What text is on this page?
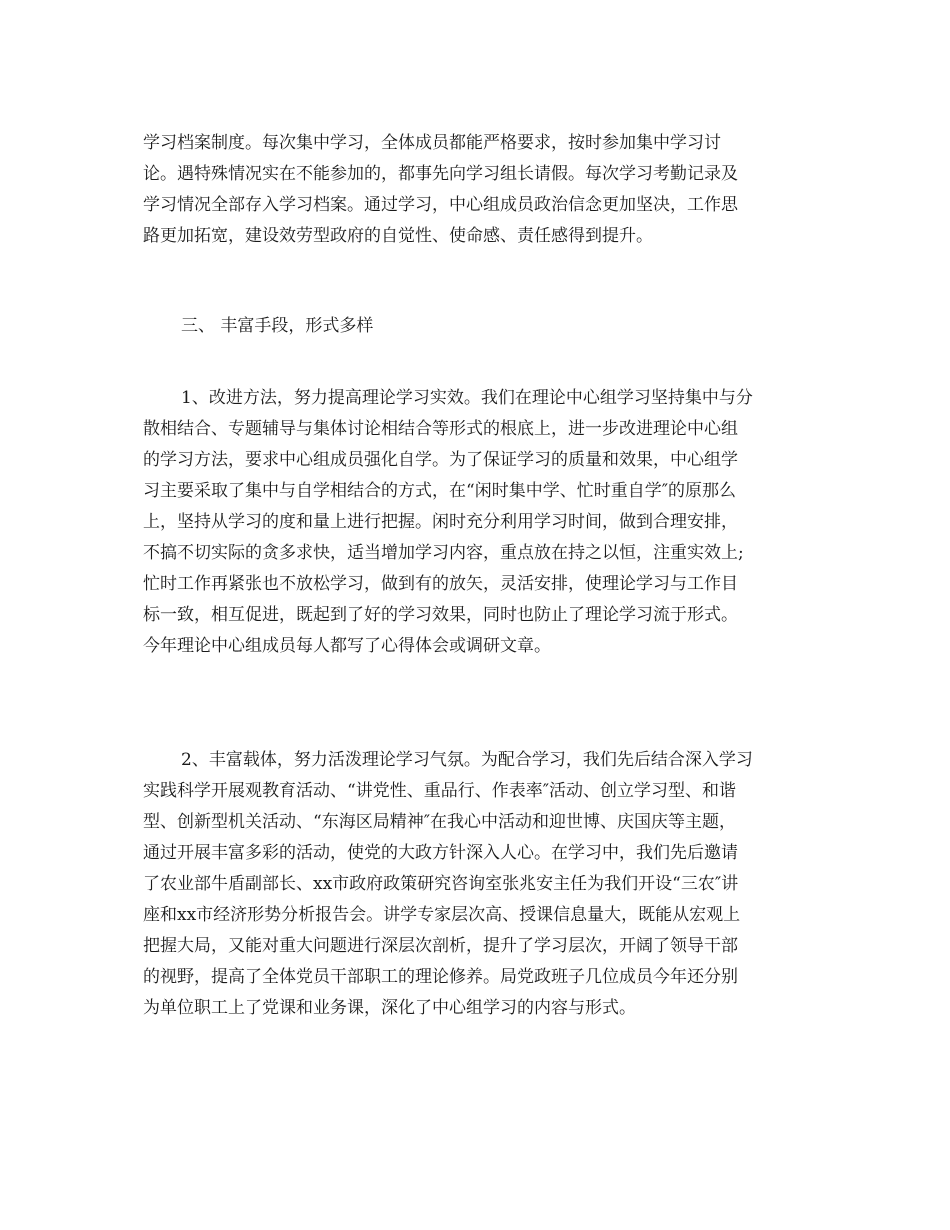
学习档案制度。每次集中学习，全体成员都能严格要求，按时参加集中学习讨
论。遇特殊情况实在不能参加的，都事先向学习组长请假。每次学习考勤记录及
学习情况全部存入学习档案。通过学习，中心组成员政治信念更加坚决，工作思
路更加拓宽，建设效劳型政府的自觉性、使命感、责任感得到提升。
三、 丰富手段，形式多样
1、改进方法，努力提高理论学习实效。我们在理论中心组学习坚持集中与分
散相结合、专题辅导与集体讨论相结合等形式的根底上，进一步改进理论中心组
的学习方法，要求中心组成员强化自学。为了保证学习的质量和效果，中心组学
习主要采取了集中与自学相结合的方式，在“闲时集中学、忙时重自学″的原那么
上，坚持从学习的度和量上进行把握。闲时充分利用学习时间，做到合理安排，
不搞不切实际的贪多求快，适当增加学习内容，重点放在持之以恒，注重实效上;
忙时工作再紧张也不放松学习，做到有的放矢，灵活安排，使理论学习与工作目
标一致，相互促进，既起到了好的学习效果，同时也防止了理论学习流于形式。
今年理论中心组成员每人都写了心得体会或调研文章。
2、丰富载体，努力活泼理论学习气氛。为配合学习，我们先后结合深入学习
实践科学开展观教育活动、“讲党性、重品行、作表率″活动、创立学习型、和谐
型、创新型机关活动、“东海区局精神″在我心中活动和迎世博、庆国庆等主题，
通过开展丰富多彩的活动，使党的大政方针深入人心。在学习中，我们先后邀请
了农业部牛盾副部长、xx市政府政策研究咨询室张兆安主任为我们开设“三农″讲
座和xx市经济形势分析报告会。讲学专家层次高、授课信息量大，既能从宏观上
把握大局，又能对重大问题进行深层次剖析，提升了学习层次，开阔了领导干部
的视野，提高了全体党员干部职工的理论修养。局党政班子几位成员今年还分别
为单位职工上了党课和业务课，深化了中心组学习的内容与形式。
